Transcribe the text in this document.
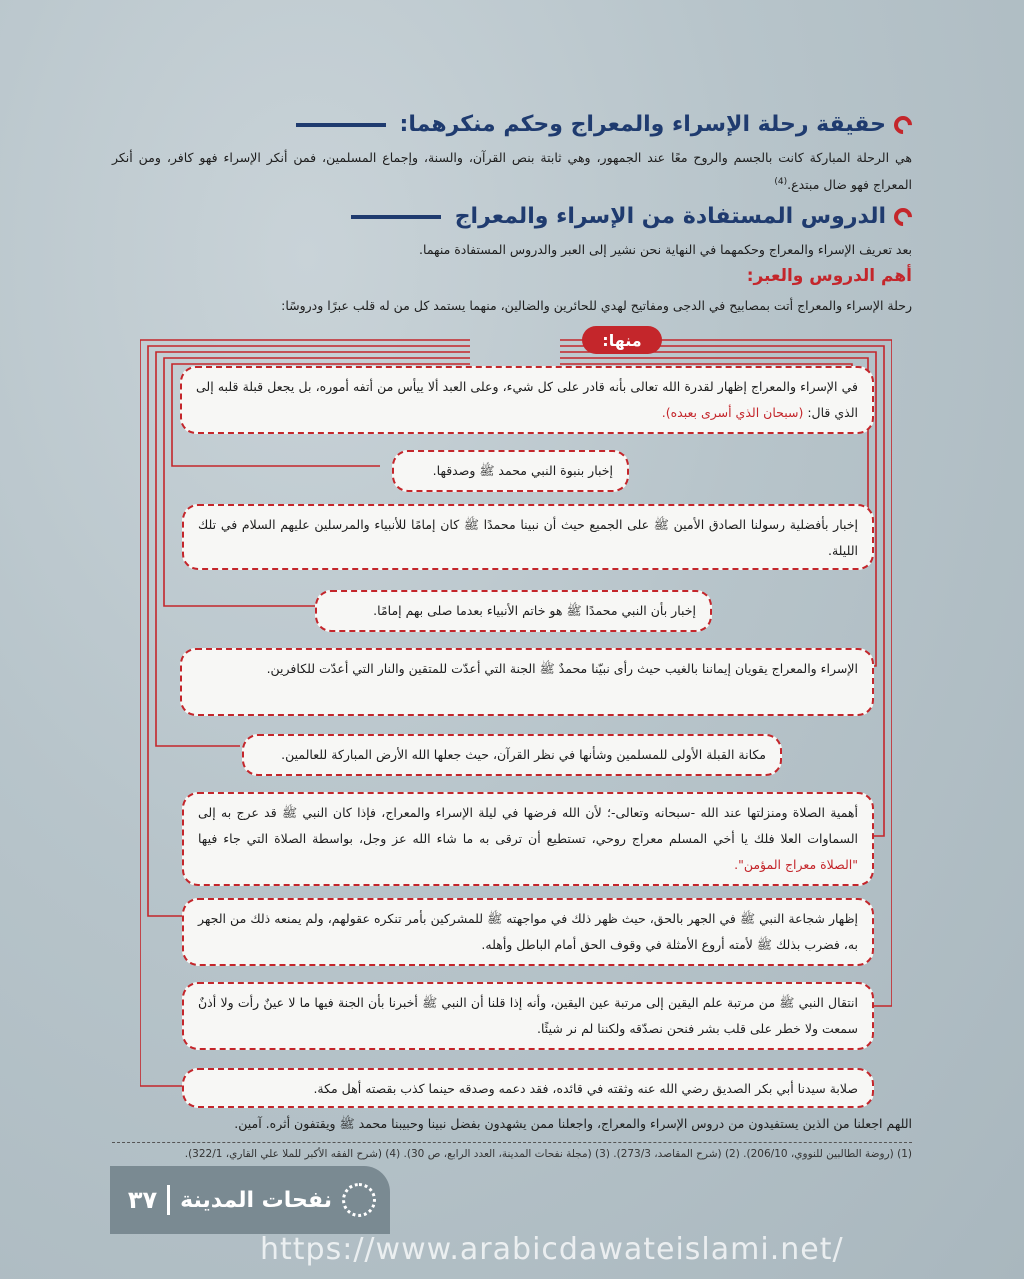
حقيقة رحلة الإسراء والمعراج وحكم منكرهما:
هي الرحلة المباركة كانت بالجسم والروح معًا عند الجمهور، وهي ثابتة بنص القرآن، والسنة، وإجماع المسلمين، فمن أنكر الإسراء فهو كافر، ومن أنكر المعراج فهو ضال مبتدع.$^{(4)}$
الدروس المستفادة من الإسراء والمعراج
بعد تعريف الإسراء والمعراج وحكمهما في النهاية نحن نشير إلى العبر والدروس المستفادة منهما.
أهم الدروس والعبر:
رحلة الإسراء والمعراج أتت بمصابيح في الدجى ومفاتيح لهدي للحائرين والضالين، منهما يستمد كل من له قلب عبرًا ودروسًا:
منها:
في الإسراء والمعراج إظهار لقدرة الله تعالى بأنه قادر على كل شيء، وعلى العبد ألا ييأس من أتفه أموره، بل يجعل قبلة قلبه إلى الذي قال: (سبحان الذي أسرى بعبده).
إخبار بنبوة النبي محمد ﷺ وصدقها.
إخبار بأفضلية رسولنا الصادق الأمين ﷺ على الجميع حيث أن نبينا محمدًا ﷺ كان إمامًا للأنبياء والمرسلين عليهم السلام في تلك الليلة.
إخبار بأن النبي محمدًا ﷺ هو خاتم الأنبياء بعدما صلى بهم إمامًا.
الإسراء والمعراج يقويان إيماننا بالغيب حيث رأى نبيّنا محمدٌ ﷺ الجنة التي أعدّت للمتقين والنار التي أعدّت للكافرين.
مكانة القبلة الأولى للمسلمين وشأنها في نظر القرآن، حيث جعلها الله الأرض المباركة للعالمين.
أهمية الصلاة ومنزلتها عند الله -سبحانه وتعالى-؛ لأن الله فرضها في ليلة الإسراء والمعراج، فإذا كان النبي ﷺ قد عرج به إلى السماوات العلا فلك يا أخي المسلم معراج روحي، تستطيع أن ترقى به ما شاء الله عز وجل، بواسطة الصلاة التي جاء فيها "الصلاة معراج المؤمن".
إظهار شجاعة النبي ﷺ في الجهر بالحق، حيث ظهر ذلك في مواجهته ﷺ للمشركين بأمر تنكره عقولهم، ولم يمنعه ذلك من الجهر به، فضرب بذلك ﷺ لأمته أروع الأمثلة في وقوف الحق أمام الباطل وأهله.
انتقال النبي ﷺ من مرتبة علم اليقين إلى مرتبة عين اليقين، وأنه إذا قلنا أن النبي ﷺ أخبرنا بأن الجنة فيها ما لا عينٌ رأت ولا أذنٌ سمعت ولا خطر على قلب بشر فنحن نصدّقه ولكننا لم نر شيئًا.
صلابة سيدنا أبي بكر الصديق رضي الله عنه وثقته في قائده، فقد دعمه وصدقه حينما كذب بقصته أهل مكة.
اللهم اجعلنا من الذين يستفيدون من دروس الإسراء والمعراج، واجعلنا ممن يشهدون بفضل نبينا وحبيبنا محمد ﷺ ويقتفون أثره. آمين.
(1) (روضة الطالبين للنووي، 206/10). (2) (شرح المقاصد، 273/3). (3) (مجلة نفحات المدينة، العدد الرابع، ص 30). (4) (شرح الفقه الأكبر للملا علي القاري، 322/1).
نفحات المدينة
٣٧
https://www.arabicdawateislami.net/
